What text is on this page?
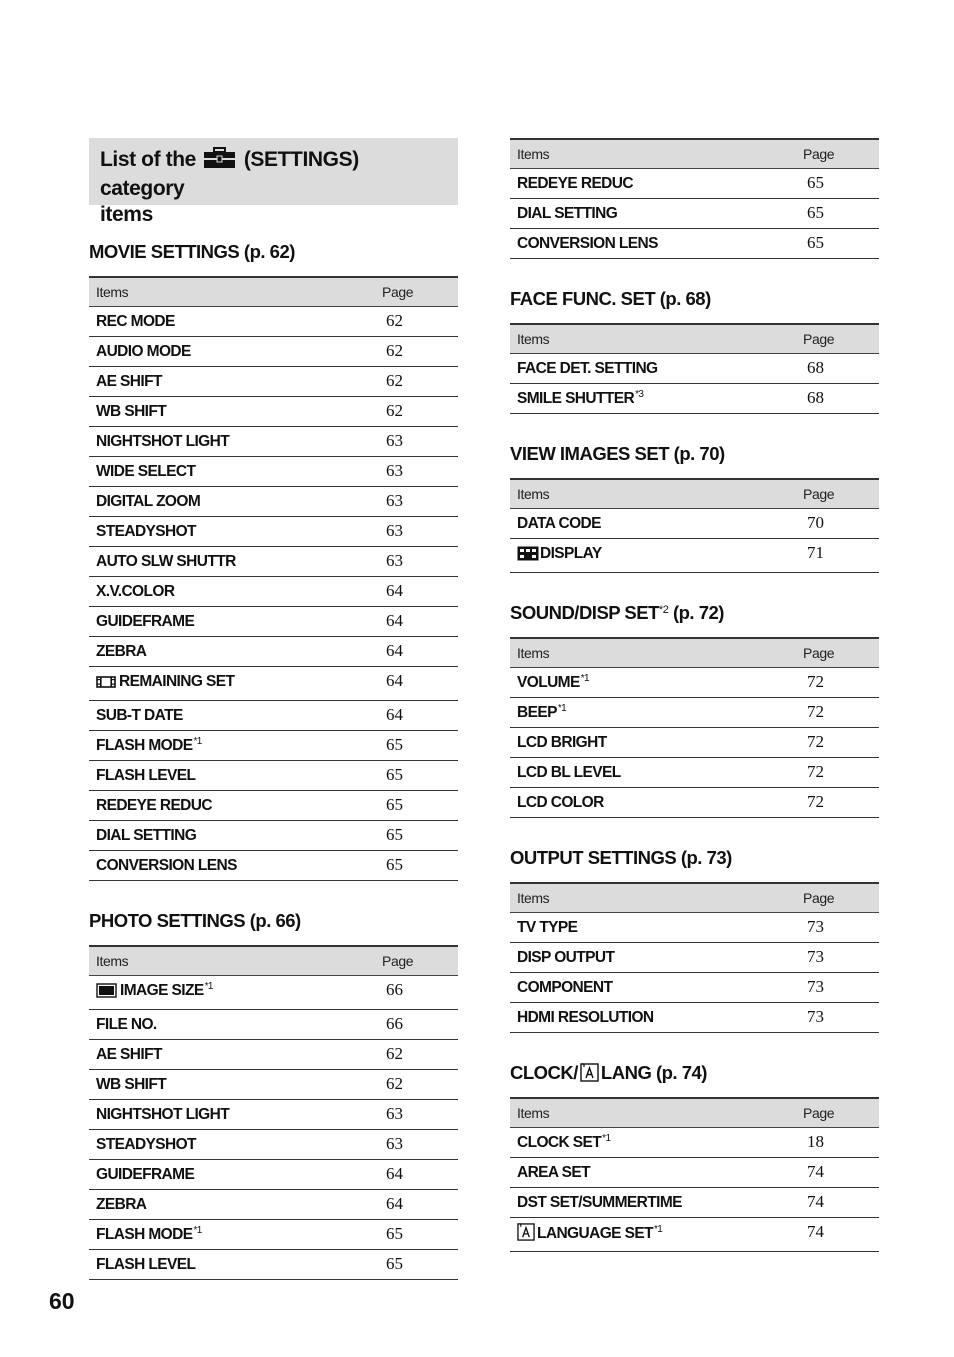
List of the (SETTINGS) category
items
MOVIE SETTINGS (p. 62)
Items	Page
REC MODE	62
AUDIO MODE	62
AE SHIFT	62
WB SHIFT	62
NIGHTSHOT LIGHT	63
WIDE SELECT	63
DIGITAL ZOOM	63
STEADYSHOT	63
AUTO SLW SHUTTR	63
X.V.COLOR	64
GUIDEFRAME	64
ZEBRA	64
REMAINING SET	64
SUB-T DATE	64
FLASH MODE$^{*1}$	65
FLASH LEVEL	65
REDEYE REDUC	65
DIAL SETTING	65
CONVERSION LENS	65
PHOTO SETTINGS (p. 66)
Items	Page
IMAGE SIZE$^{*1}$	66
FILE NO.	66
AE SHIFT	62
WB SHIFT	62
NIGHTSHOT LIGHT	63
STEADYSHOT	63
GUIDEFRAME	64
ZEBRA	64
FLASH MODE$^{*1}$	65
FLASH LEVEL	65
Items	Page
REDEYE REDUC	65
DIAL SETTING	65
CONVERSION LENS	65
FACE FUNC. SET (p. 68)
Items	Page
FACE DET. SETTING	68
SMILE SHUTTER$^{*3}$	68
VIEW IMAGES SET (p. 70)
Items	Page
DATA CODE	70
DISPLAY	71
SOUND/DISP SET$^{*2}$ (p. 72)
Items	Page
VOLUME$^{*1}$	72
BEEP$^{*1}$	72
LCD BRIGHT	72
LCD BL LEVEL	72
LCD COLOR	72
OUTPUT SETTINGS (p. 73)
Items	Page
TV TYPE	73
DISP OUTPUT	73
COMPONENT	73
HDMI RESOLUTION	73
CLOCK/ LANG (p. 74)
Items	Page
CLOCK SET$^{*1}$	18
AREA SET	74
DST SET/SUMMERTIME	74
LANGUAGE SET$^{*1}$	74
60
